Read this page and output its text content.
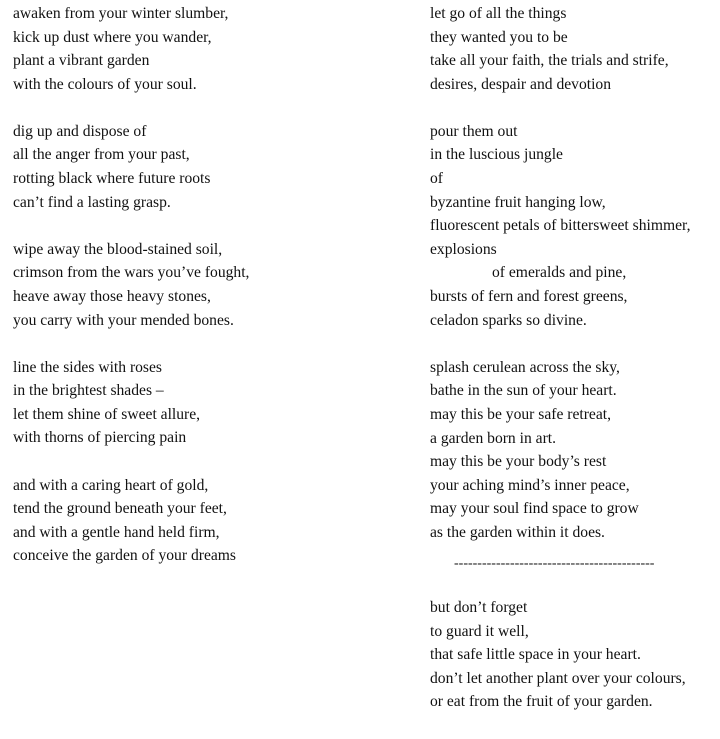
awaken from your winter slumber,
kick up dust where you wander,
plant a vibrant garden
with the colours of your soul.
dig up and dispose of
all the anger from your past,
rotting black where future roots
can’t find a lasting grasp.
wipe away the blood-stained soil,
crimson from the wars you’ve fought,
heave away those heavy stones,
you carry with your mended bones.
line the sides with roses
in the brightest shades –
let them shine of sweet allure,
with thorns of piercing pain
and with a caring heart of gold,
tend the ground beneath your feet,
and with a gentle hand held firm,
conceive the garden of your dreams
let go of all the things
they wanted you to be
take all your faith, the trials and strife,
desires, despair and devotion
pour them out
in the luscious jungle
of
byzantine fruit hanging low,
fluorescent petals of bittersweet shimmer,
explosions
of emeralds and pine,
bursts of fern and forest greens,
celadon sparks so divine.
splash cerulean across the sky,
bathe in the sun of your heart.
may this be your safe retreat,
a garden born in art.
may this be your body’s rest
your aching mind’s inner peace,
may your soul find space to grow
as the garden within it does.
-------------------------------------------
but don’t forget
to guard it well,
that safe little space in your heart.
don’t let another plant over your colours,
or eat from the fruit of your garden.
